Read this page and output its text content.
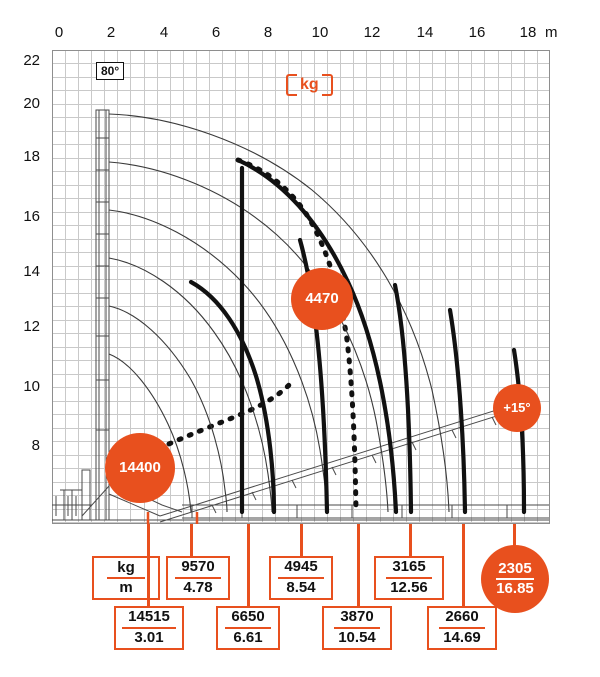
0	2	4	6	8	10 12 14 16 18 m
22
20
18
16
14
12
10
8
80°
kg
4470
14400
2305
16.85
+15°
kg
m
9570
4.78
4945
8.54
3165
12.56
14515
3.01
6650
6.61
3870
10.54
2660
14.69
